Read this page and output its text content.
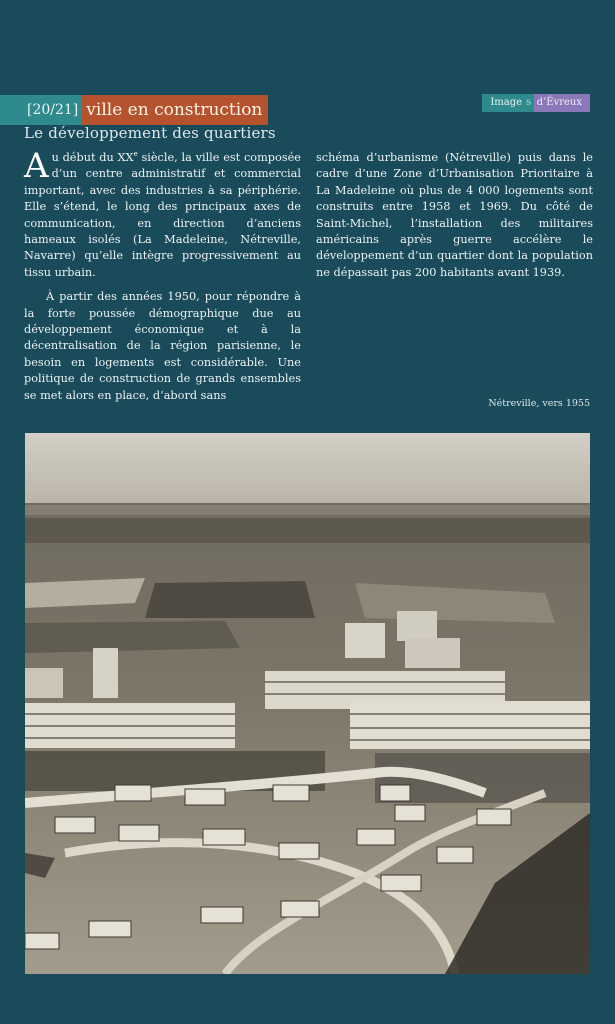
[20/21] ville en construction	Image s d’Évreux
Le développement des quartiers

Au début du XXe siècle, la ville est composée d’un centre administratif et commercial important, avec des industries à sa périphérie. Elle s’étend, le long des principaux axes de communication, en direction d’anciens hameaux isolés (La Madeleine, Nétreville, Navarre) qu’elle intègre progressivement au tissu urbain.

À partir des années 1950, pour répondre à la forte poussée démographique due au développement économique et à la décentralisation de la région parisienne, le besoin en logements est considérable. Une politique de construction de grands ensembles se met alors en place, d’abord sans

schéma d’urbanisme (Nétreville) puis dans le cadre d’une Zone d’Urbanisation Prioritaire à La Madeleine où plus de 4 000 logements sont construits entre 1958 et 1969. Du côté de Saint-Michel, l’installation des militaires américains après guerre accélère le développement d’un quartier dont la population ne dépassait pas 200 habitants avant 1939.

Nétreville, vers 1955
